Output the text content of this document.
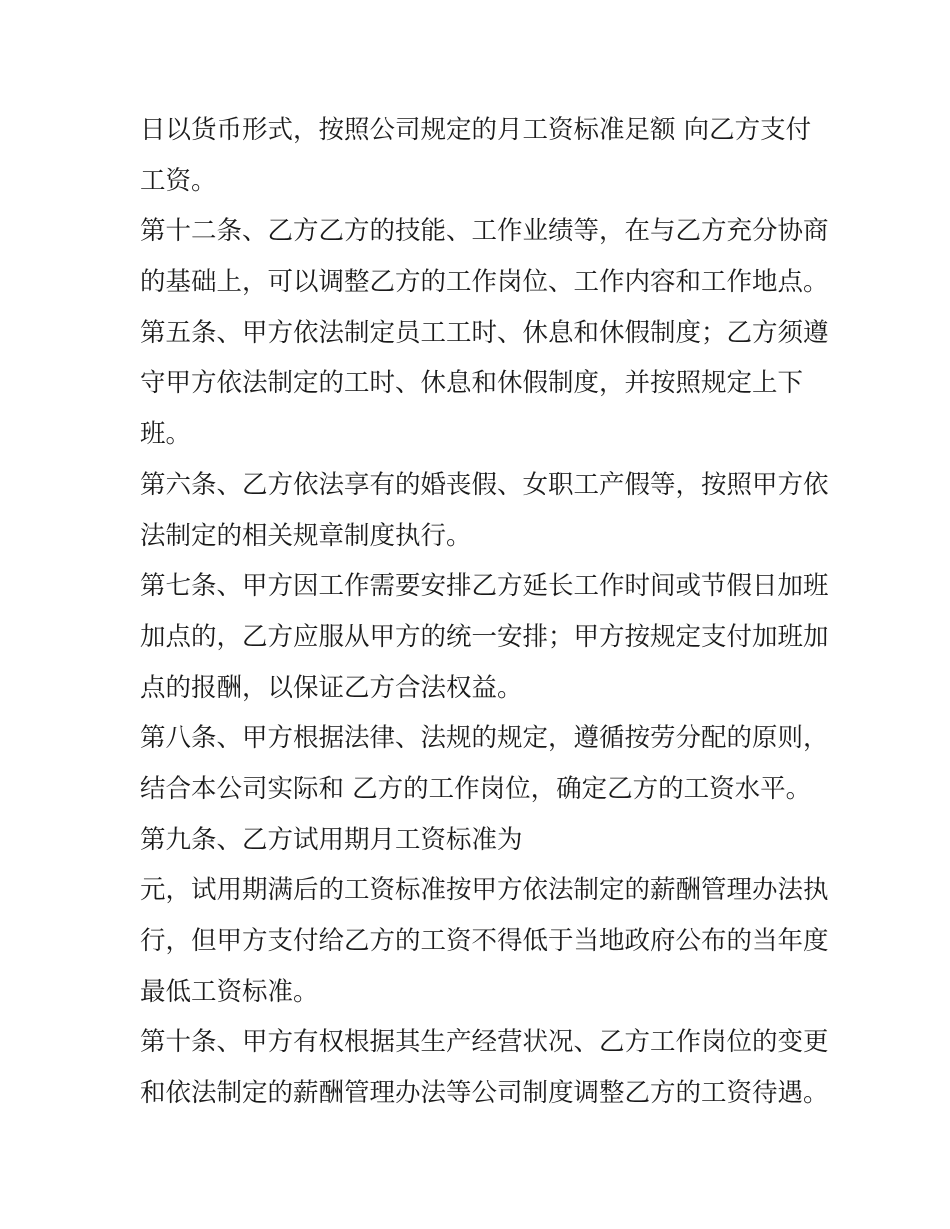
日以货币形式，按照公司规定的月工资标准足额 向乙方支付
工资。
第十二条、乙方乙方的技能、工作业绩等，在与乙方充分协商
的基础上，可以调整乙方的工作岗位、工作内容和工作地点。
第五条、甲方依法制定员工工时、休息和休假制度；乙方须遵
守甲方依法制定的工时、休息和休假制度，并按照规定上下
班。
第六条、乙方依法享有的婚丧假、女职工产假等，按照甲方依
法制定的相关规章制度执行。
第七条、甲方因工作需要安排乙方延长工作时间或节假日加班
加点的，乙方应服从甲方的统一安排；甲方按规定支付加班加
点的报酬，以保证乙方合法权益。
第八条、甲方根据法律、法规的规定，遵循按劳分配的原则，
结合本公司实际和 乙方的工作岗位，确定乙方的工资水平。
第九条、乙方试用期月工资标准为
元，试用期满后的工资标准按甲方依法制定的薪酬管理办法执
行，但甲方支付给乙方的工资不得低于当地政府公布的当年度
最低工资标准。
第十条、甲方有权根据其生产经营状况、乙方工作岗位的变更
和依法制定的薪酬管理办法等公司制度调整乙方的工资待遇。
